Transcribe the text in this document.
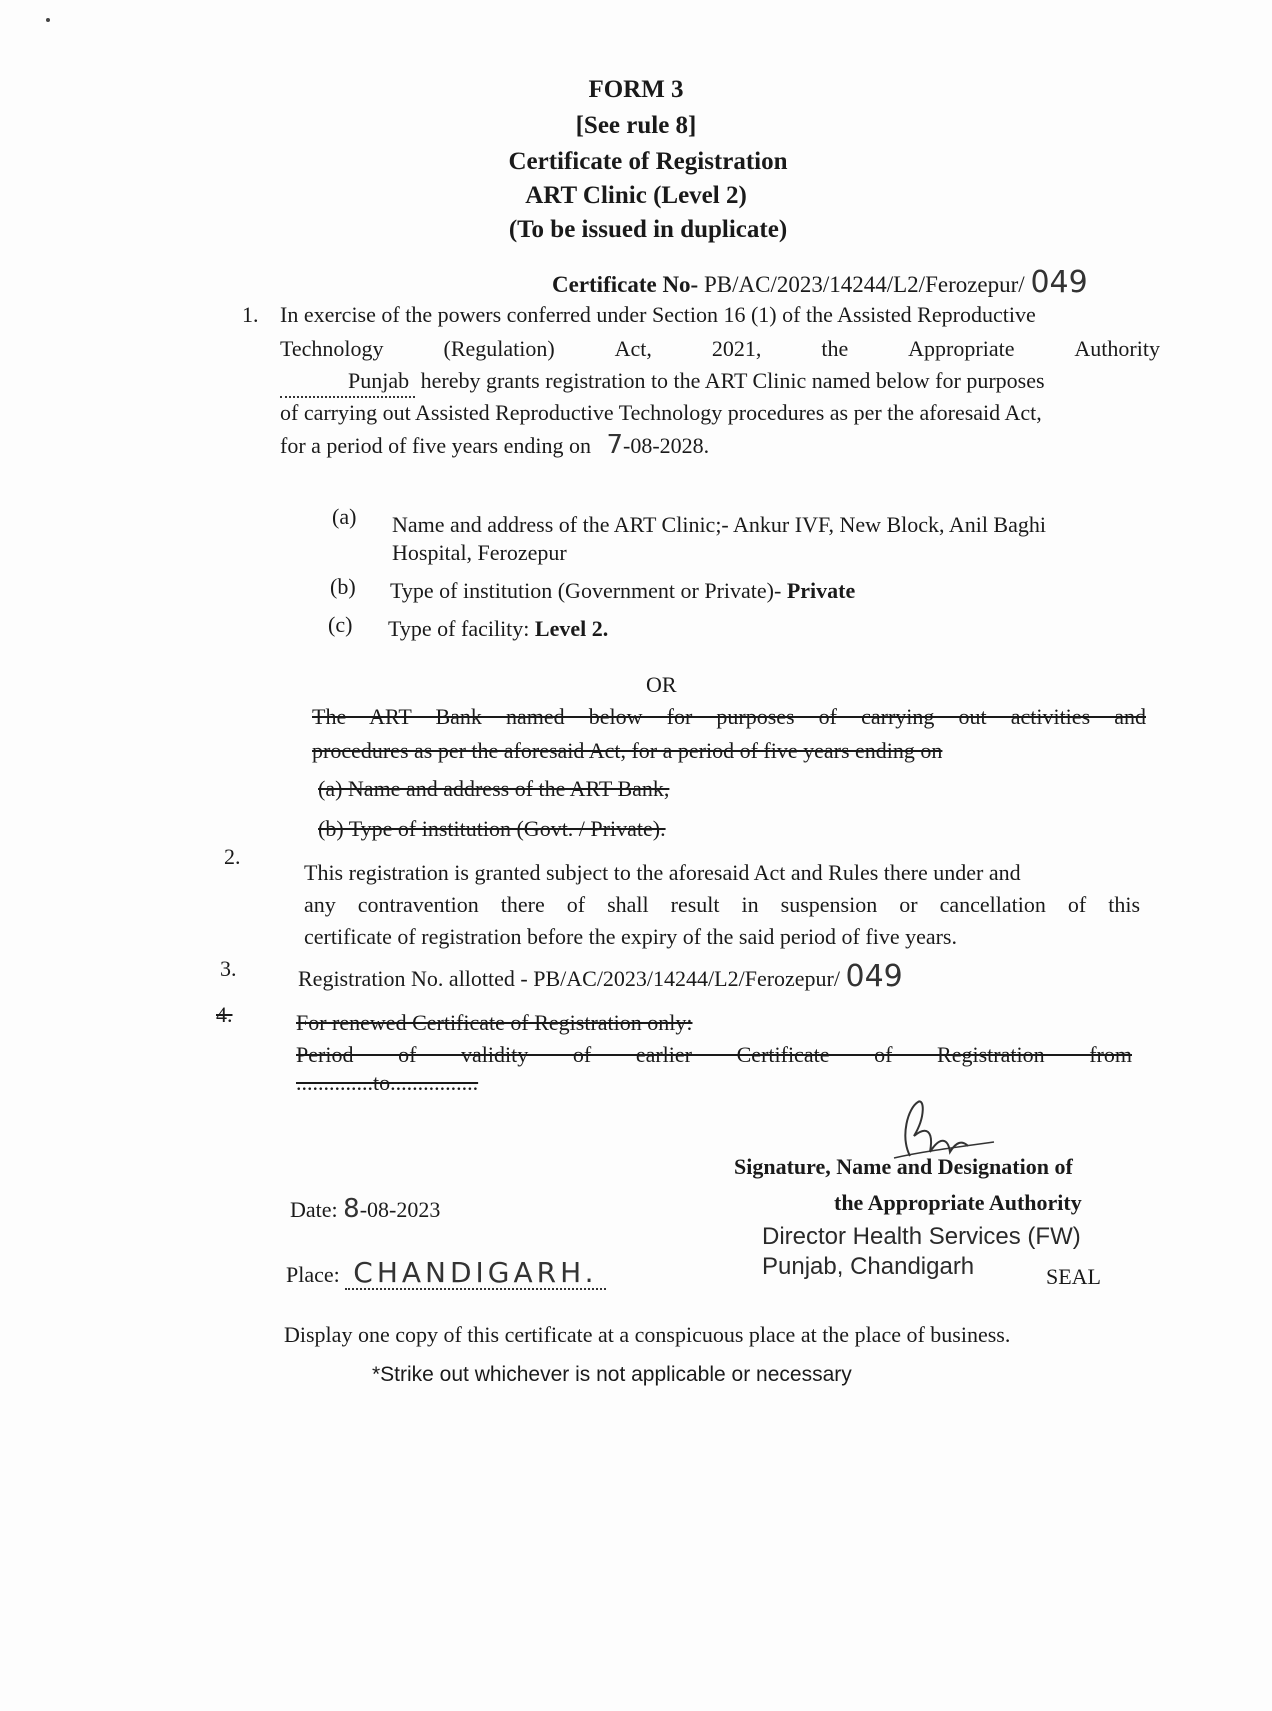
FORM 3
[See rule 8]
Certificate of Registration
ART Clinic (Level 2)
(To be issued in duplicate)
Certificate No- PB/AC/2023/14244/L2/Ferozepur/ 049
1. In exercise of the powers conferred under Section 16 (1) of the Assisted Reproductive
Technology	(Regulation)	Act,	2021,	the	Appropriate	Authority
Punjab hereby grants registration to the ART Clinic named below for purposes
of carrying out Assisted Reproductive Technology procedures as per the aforesaid Act,
for a period of five years ending on 7-08-2028.
(a) Name and address of the ART Clinic;- Ankur IVF, New Block, Anil Baghi
Hospital, Ferozepur
(b) Type of institution (Government or Private)- Private
(c) Type of facility: Level 2.
OR
The ART Bank named below for purposes of carrying out activities and
procedures as per the aforesaid Act, for a period of five years ending on
(a) Name and address of the ART Bank,
(b) Type of institution (Govt. / Private).
2.
This registration is granted subject to the aforesaid Act and Rules there under and
any contravention there of shall result in suspension or cancellation of this
certificate of registration before the expiry of the said period of five years.
3.	Registration No. allotted - PB/AC/2023/14244/L2/Ferozepur/ 049
4.	For renewed Certificate of Registration only:
Period of validity of earlier Certificate of Registration from
..............to................
Signature, Name and Designation of
the Appropriate Authority
Director Health Services (FW)
Punjab, Chandigarh	SEAL
Date: 8-08-2023
Place: CHANDIGARH.
Display one copy of this certificate at a conspicuous place at the place of business.
*Strike out whichever is not applicable or necessary
